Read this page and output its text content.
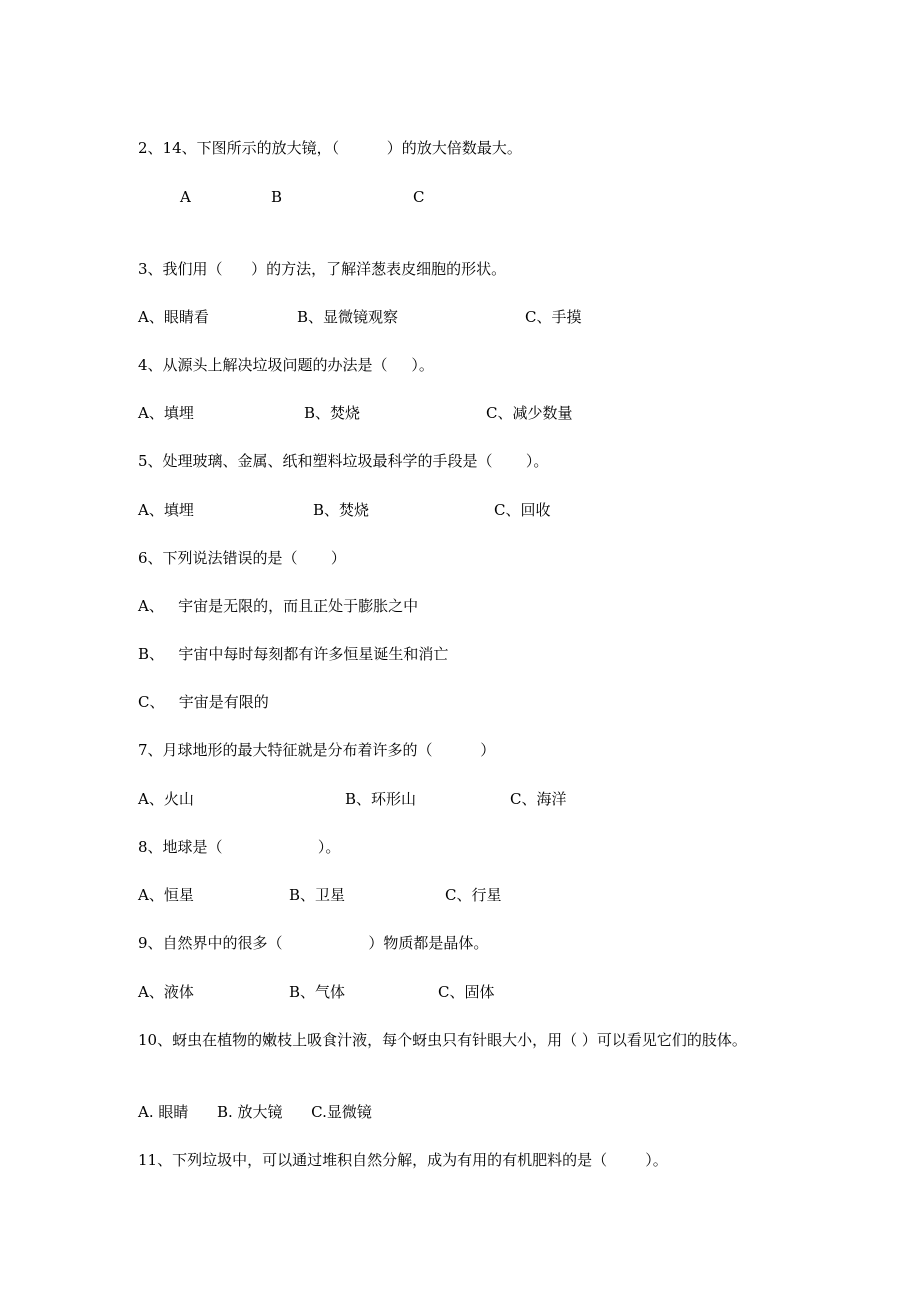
2、14、下图所示的放大镜，（          ）的放大倍数最大。
A	B	C
3、我们用（      ）的方法，了解洋葱表皮细胞的形状。
A、眼睛看	B、显微镜观察	C、手摸
4、从源头上解决垃圾问题的办法是（     ）。
A、填埋	B、焚烧	C、减少数量
5、处理玻璃、金属、纸和塑料垃圾最科学的手段是（       ）。
A、填埋	B、焚烧	C、回收
6、下列说法错误的是（       ）
A、   宇宙是无限的，而且正处于膨胀之中
B、   宇宙中每时每刻都有许多恒星诞生和消亡
C、   宇宙是有限的
7、月球地形的最大特征就是分布着许多的（          ）
A、火山	B、环形山	C、海洋
8、地球是（                    ）。
A、恒星	B、卫星	C、行星
9、自然界中的很多（                  ）物质都是晶体。
A、液体	B、气体	C、固体
10、蚜虫在植物的嫩枝上吸食汁液，每个蚜虫只有针眼大小，用（ ）可以看见它们的肢体。
A. 眼睛      B. 放大镜      C.显微镜
11、下列垃圾中，可以通过堆积自然分解，成为有用的有机肥料的是（        ）。
